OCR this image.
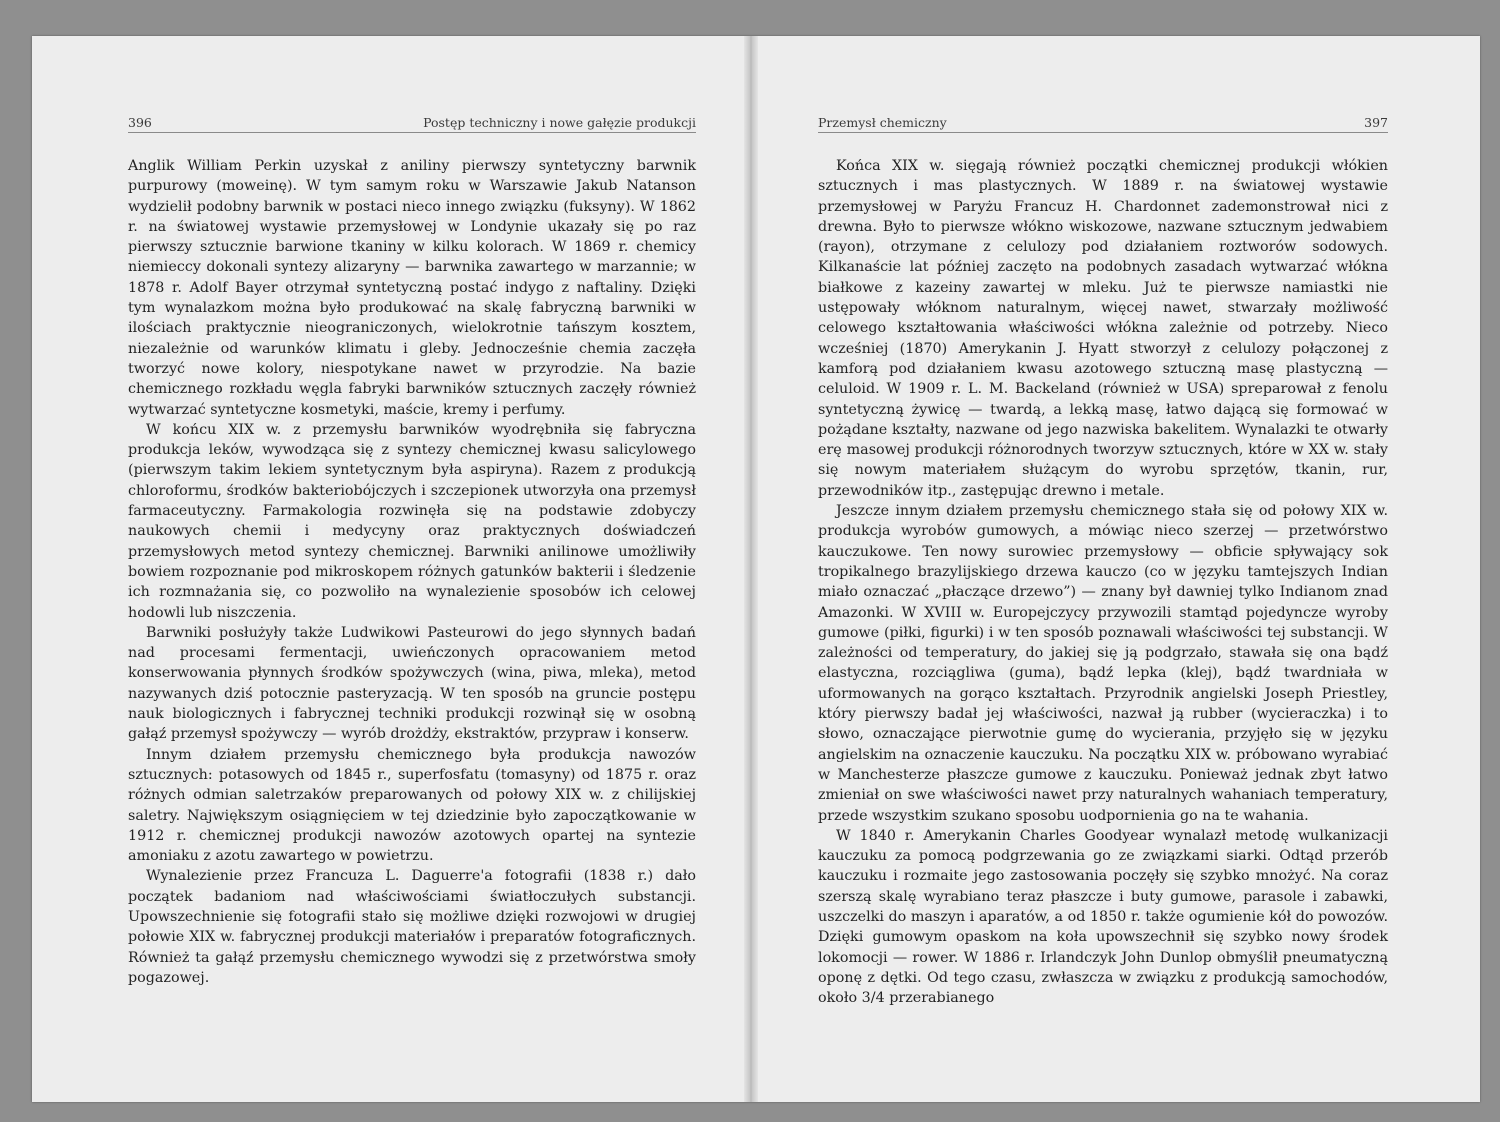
396	Postęp techniczny i nowe gałęzie produkcji

Anglik William Perkin uzyskał z aniliny pierwszy syntetyczny barwnik purpurowy (moweinę). W tym samym roku w Warszawie Jakub Natanson wydzielił podobny barwnik w postaci nieco innego związku (fuksyny). W 1862 r. na światowej wystawie przemysłowej w Londynie ukazały się po raz pierwszy sztucznie barwione tkaniny w kilku kolorach. W 1869 r. chemicy niemieccy dokonali syntezy alizaryny — barwnika zawartego w marzannie; w 1878 r. Adolf Bayer otrzymał syntetyczną postać indygo z naftaliny. Dzięki tym wynalazkom można było produkować na skalę fabryczną barwniki w ilościach praktycznie nieograniczonych, wielokrotnie tańszym kosztem, niezależnie od warunków klimatu i gleby. Jednocześnie chemia zaczęła tworzyć nowe kolory, niespotykane nawet w przyrodzie. Na bazie chemicznego rozkładu węgla fabryki barwników sztucznych zaczęły również wytwarzać syntetyczne kosmetyki, maście, kremy i perfumy.

W końcu XIX w. z przemysłu barwników wyodrębniła się fabryczna produkcja leków, wywodząca się z syntezy chemicznej kwasu salicylowego (pierwszym takim lekiem syntetycznym była aspiryna). Razem z produkcją chloroformu, środków bakteriobójczych i szczepionek utworzyła ona przemysł farmaceutyczny. Farmakologia rozwinęła się na podstawie zdobyczy naukowych chemii i medycyny oraz praktycznych doświadczeń przemysłowych metod syntezy chemicznej. Barwniki anilinowe umożliwiły bowiem rozpoznanie pod mikroskopem różnych gatunków bakterii i śledzenie ich rozmnażania się, co pozwoliło na wynalezienie sposobów ich celowej hodowli lub niszczenia.

Barwniki posłużyły także Ludwikowi Pasteurowi do jego słynnych badań nad procesami fermentacji, uwieńczonych opracowaniem metod konserwowania płynnych środków spożywczych (wina, piwa, mleka), metod nazywanych dziś potocznie pasteryzacją. W ten sposób na gruncie postępu nauk biologicznych i fabrycznej techniki produkcji rozwinął się w osobną gałąź przemysł spożywczy — wyrób drożdży, ekstraktów, przypraw i konserw.

Innym działem przemysłu chemicznego była produkcja nawozów sztucznych: potasowych od 1845 r., superfosfatu (tomasyny) od 1875 r. oraz różnych odmian saletrzaków preparowanych od połowy XIX w. z chilijskiej saletry. Największym osiągnięciem w tej dziedzinie było zapoczątkowanie w 1912 r. chemicznej produkcji nawozów azotowych opartej na syntezie amoniaku z azotu zawartego w powietrzu.

Wynalezienie przez Francuza L. Daguerre'a fotografii (1838 r.) dało początek badaniom nad właściwościami światłoczułych substancji. Upowszechnienie się fotografii stało się możliwe dzięki rozwojowi w drugiej połowie XIX w. fabrycznej produkcji materiałów i preparatów fotograficznych. Również ta gałąź przemysłu chemicznego wywodzi się z przetwórstwa smoły pogazowej.

Przemysł chemiczny	397

Końca XIX w. sięgają również początki chemicznej produkcji włókien sztucznych i mas plastycznych. W 1889 r. na światowej wystawie przemysłowej w Paryżu Francuz H. Chardonnet zademonstrował nici z drewna. Było to pierwsze włókno wiskozowe, nazwane sztucznym jedwabiem (rayon), otrzymane z celulozy pod działaniem roztworów sodowych. Kilkanaście lat później zaczęto na podobnych zasadach wytwarzać włókna białkowe z kazeiny zawartej w mleku. Już te pierwsze namiastki nie ustępowały włóknom naturalnym, więcej nawet, stwarzały możliwość celowego kształtowania właściwości włókna zależnie od potrzeby. Nieco wcześniej (1870) Amerykanin J. Hyatt stworzył z celulozy połączonej z kamforą pod działaniem kwasu azotowego sztuczną masę plastyczną — celuloid. W 1909 r. L. M. Backeland (również w USA) spreparował z fenolu syntetyczną żywicę — twardą, a lekką masę, łatwo dającą się formować w pożądane kształty, nazwane od jego nazwiska bakelitem. Wynalazki te otwarły erę masowej produkcji różnorodnych tworzyw sztucznych, które w XX w. stały się nowym materiałem służącym do wyrobu sprzętów, tkanin, rur, przewodników itp., zastępując drewno i metale.

Jeszcze innym działem przemysłu chemicznego stała się od połowy XIX w. produkcja wyrobów gumowych, a mówiąc nieco szerzej — przetwórstwo kauczukowe. Ten nowy surowiec przemysłowy — obficie spływający sok tropikalnego brazylijskiego drzewa kauczo (co w języku tamtejszych Indian miało oznaczać „płaczące drzewo”) — znany był dawniej tylko Indianom znad Amazonki. W XVIII w. Europejczycy przywozili stamtąd pojedyncze wyroby gumowe (piłki, figurki) i w ten sposób poznawali właściwości tej substancji. W zależności od temperatury, do jakiej się ją podgrzało, stawała się ona bądź elastyczna, rozciągliwa (guma), bądź lepka (klej), bądź twardniała w uformowanych na gorąco kształtach. Przyrodnik angielski Joseph Priestley, który pierwszy badał jej właściwości, nazwał ją rubber (wycieraczka) i to słowo, oznaczające pierwotnie gumę do wycierania, przyjęło się w języku angielskim na oznaczenie kauczuku. Na początku XIX w. próbowano wyrabiać w Manchesterze płaszcze gumowe z kauczuku. Ponieważ jednak zbyt łatwo zmieniał on swe właściwości nawet przy naturalnych wahaniach temperatury, przede wszystkim szukano sposobu uodpornienia go na te wahania.

W 1840 r. Amerykanin Charles Goodyear wynalazł metodę wulkanizacji kauczuku za pomocą podgrzewania go ze związkami siarki. Odtąd przerób kauczuku i rozmaite jego zastosowania poczęły się szybko mnożyć. Na coraz szerszą skalę wyrabiano teraz płaszcze i buty gumowe, parasole i zabawki, uszczelki do maszyn i aparatów, a od 1850 r. także ogumienie kół do powozów. Dzięki gumowym opaskom na koła upowszechnił się szybko nowy środek lokomocji — rower. W 1886 r. Irlandczyk John Dunlop obmyślił pneumatyczną oponę z dętki. Od tego czasu, zwłaszcza w związku z produkcją samochodów, około 3/4 przerabianego
